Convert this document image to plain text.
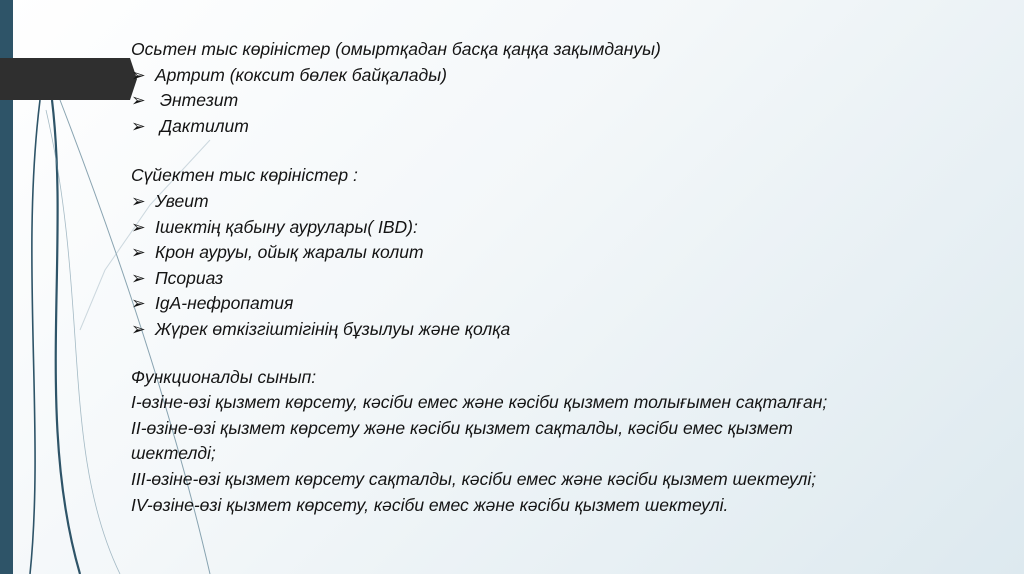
Осьтен тыс көріністер (омыртқадан басқа қаңқа зақымдануы)
➢ Артрит (коксит бөлек байқалады)
➢ Энтезит
➢ Дактилит
Сүйектен тыс көріністер :
➢ Увеит
➢ Ішектің қабыну аурулары( IBD):
➢ Крон ауруы, ойық жаралы колит
➢ Псориаз
➢ IgA-нефропатия
➢ Жүрек өткізгіштігінің бұзылуы және қолқа
Функционалды сынып:
I-өзіне-өзі қызмет көрсету, кәсіби емес және кәсіби қызмет толығымен сақталған;
II-өзіне-өзі қызмет көрсету және кәсіби қызмет сақталды, кәсіби емес қызмет
шектелді;
III-өзіне-өзі қызмет көрсету сақталды, кәсіби емес және кәсіби қызмет шектеулі;
IV-өзіне-өзі қызмет көрсету, кәсіби емес және кәсіби қызмет шектеулі.
